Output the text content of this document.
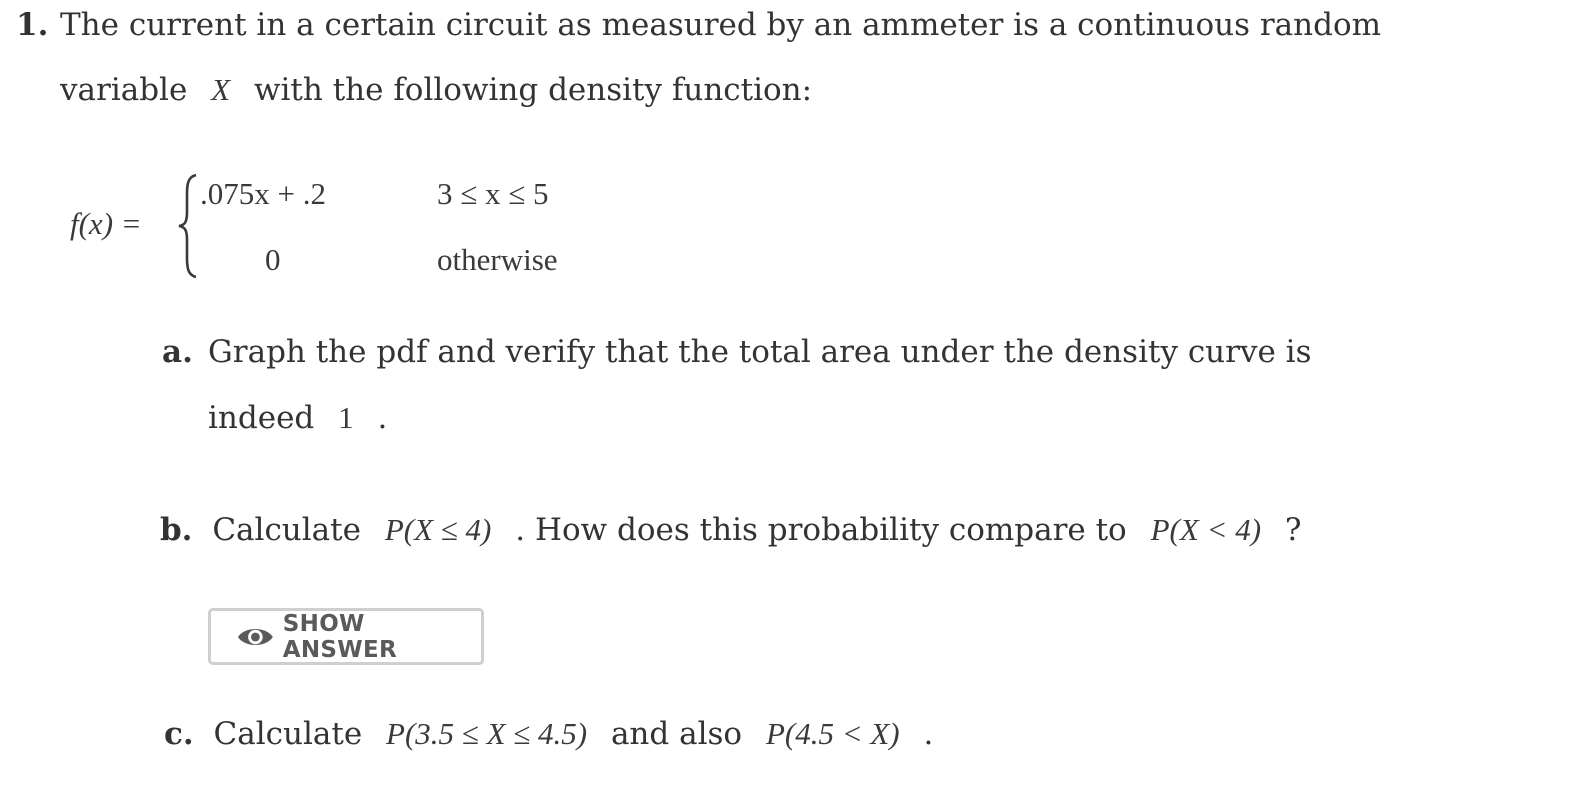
1. The current in a certain circuit as measured by an ammeter is a continuous random
variable X with the following density function:
f(x) =
.075x + .2	3 ≤ x ≤ 5
0	otherwise
a. Graph the pdf and verify that the total area under the density curve is
indeed 1 .
b. Calculate P(X ≤ 4) . How does this probability compare to P(X < 4) ?
SHOW ANSWER
c. Calculate P(3.5 ≤ X ≤ 4.5) and also P(4.5 < X) .
